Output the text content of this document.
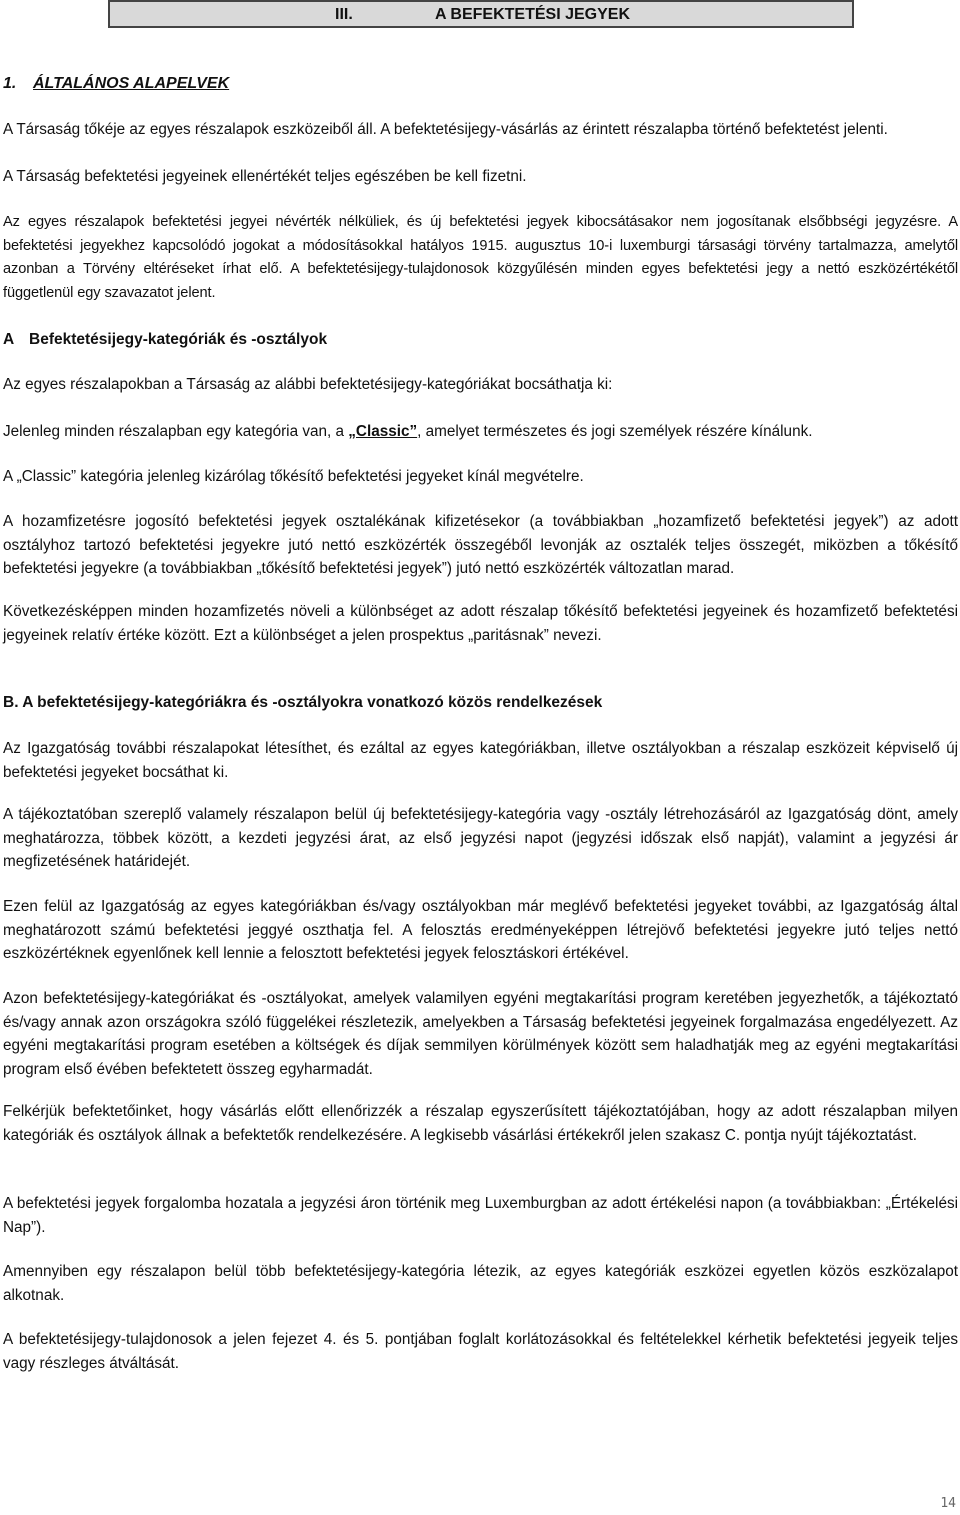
III.	A BEFEKTETÉSI JEGYEK
1. ÁLTALÁNOS ALAPELVEK
A Társaság tőkéje az egyes részalapok eszközeiből áll. A befektetésijegy-vásárlás az érintett részalapba történő befektetést jelenti.
A Társaság befektetési jegyeinek ellenértékét teljes egészében be kell fizetni.
Az egyes részalapok befektetési jegyei névérték nélküliek, és új befektetési jegyek kibocsátásakor nem jogosítanak elsőbbségi jegyzésre. A befektetési jegyekhez kapcsolódó jogokat a módosításokkal hatályos 1915. augusztus 10-i luxemburgi társasági törvény tartalmazza, amelytől azonban a Törvény eltéréseket írhat elő. A befektetésijegy-tulajdonosok közgyűlésén minden egyes befektetési jegy a nettó eszközértékétől függetlenül egy szavazatot jelent.
A Befektetésijegy-kategóriák és -osztályok
Az egyes részalapokban a Társaság az alábbi befektetésijegy-kategóriákat bocsáthatja ki:
Jelenleg minden részalapban egy kategória van, a „Classic”, amelyet természetes és jogi személyek részére kínálunk.
A „Classic” kategória jelenleg kizárólag tőkésítő befektetési jegyeket kínál megvételre.
A hozamfizetésre jogosító befektetési jegyek osztalékának kifizetésekor (a továbbiakban „hozamfizető befektetési jegyek”) az adott osztályhoz tartozó befektetési jegyekre jutó nettó eszközérték összegéből levonják az osztalék teljes összegét, miközben a tőkésítő befektetési jegyekre (a továbbiakban „tőkésítő befektetési jegyek”) jutó nettó eszközérték változatlan marad.
Következésképpen minden hozamfizetés növeli a különbséget az adott részalap tőkésítő befektetési jegyeinek és hozamfizető befektetési jegyeinek relatív értéke között. Ezt a különbséget a jelen prospektus „paritásnak” nevezi.
B. A befektetésijegy-kategóriákra és -osztályokra vonatkozó közös rendelkezések
Az Igazgatóság további részalapokat létesíthet, és ezáltal az egyes kategóriákban, illetve osztályokban a részalap eszközeit képviselő új befektetési jegyeket bocsáthat ki.
A tájékoztatóban szereplő valamely részalapon belül új befektetésijegy-kategória vagy -osztály létrehozásáról az Igazgatóság dönt, amely meghatározza, többek között, a kezdeti jegyzési árat, az első jegyzési napot (jegyzési időszak első napját), valamint a jegyzési ár megfizetésének határidejét.
Ezen felül az Igazgatóság az egyes kategóriákban és/vagy osztályokban már meglévő befektetési jegyeket további, az Igazgatóság által meghatározott számú befektetési jeggyé oszthatja fel. A felosztás eredményeképpen létrejövő befektetési jegyekre jutó teljes nettó eszközértéknek egyenlőnek kell lennie a felosztott befektetési jegyek felosztáskori értékével.
Azon befektetésijegy-kategóriákat és -osztályokat, amelyek valamilyen egyéni megtakarítási program keretében jegyezhetők, a tájékoztató és/vagy annak azon országokra szóló függelékei részletezik, amelyekben a Társaság befektetési jegyeinek forgalmazása engedélyezett. Az egyéni megtakarítási program esetében a költségek és díjak semmilyen körülmények között sem haladhatják meg az egyéni megtakarítási program első évében befektetett összeg egyharmadát.
Felkérjük befektetőinket, hogy vásárlás előtt ellenőrizzék a részalap egyszerűsített tájékoztatójában, hogy az adott részalapban milyen kategóriák és osztályok állnak a befektetők rendelkezésére. A legkisebb vásárlási értékekről jelen szakasz C. pontja nyújt tájékoztatást.
A befektetési jegyek forgalomba hozatala a jegyzési áron történik meg Luxemburgban az adott értékelési napon (a továbbiakban: „Értékelési Nap”).
Amennyiben egy részalapon belül több befektetésijegy-kategória létezik, az egyes kategóriák eszközei egyetlen közös eszközalapot alkotnak.
A befektetésijegy-tulajdonosok a jelen fejezet 4. és 5. pontjában foglalt korlátozásokkal és feltételekkel kérhetik befektetési jegyeik teljes vagy részleges átváltását.
14
